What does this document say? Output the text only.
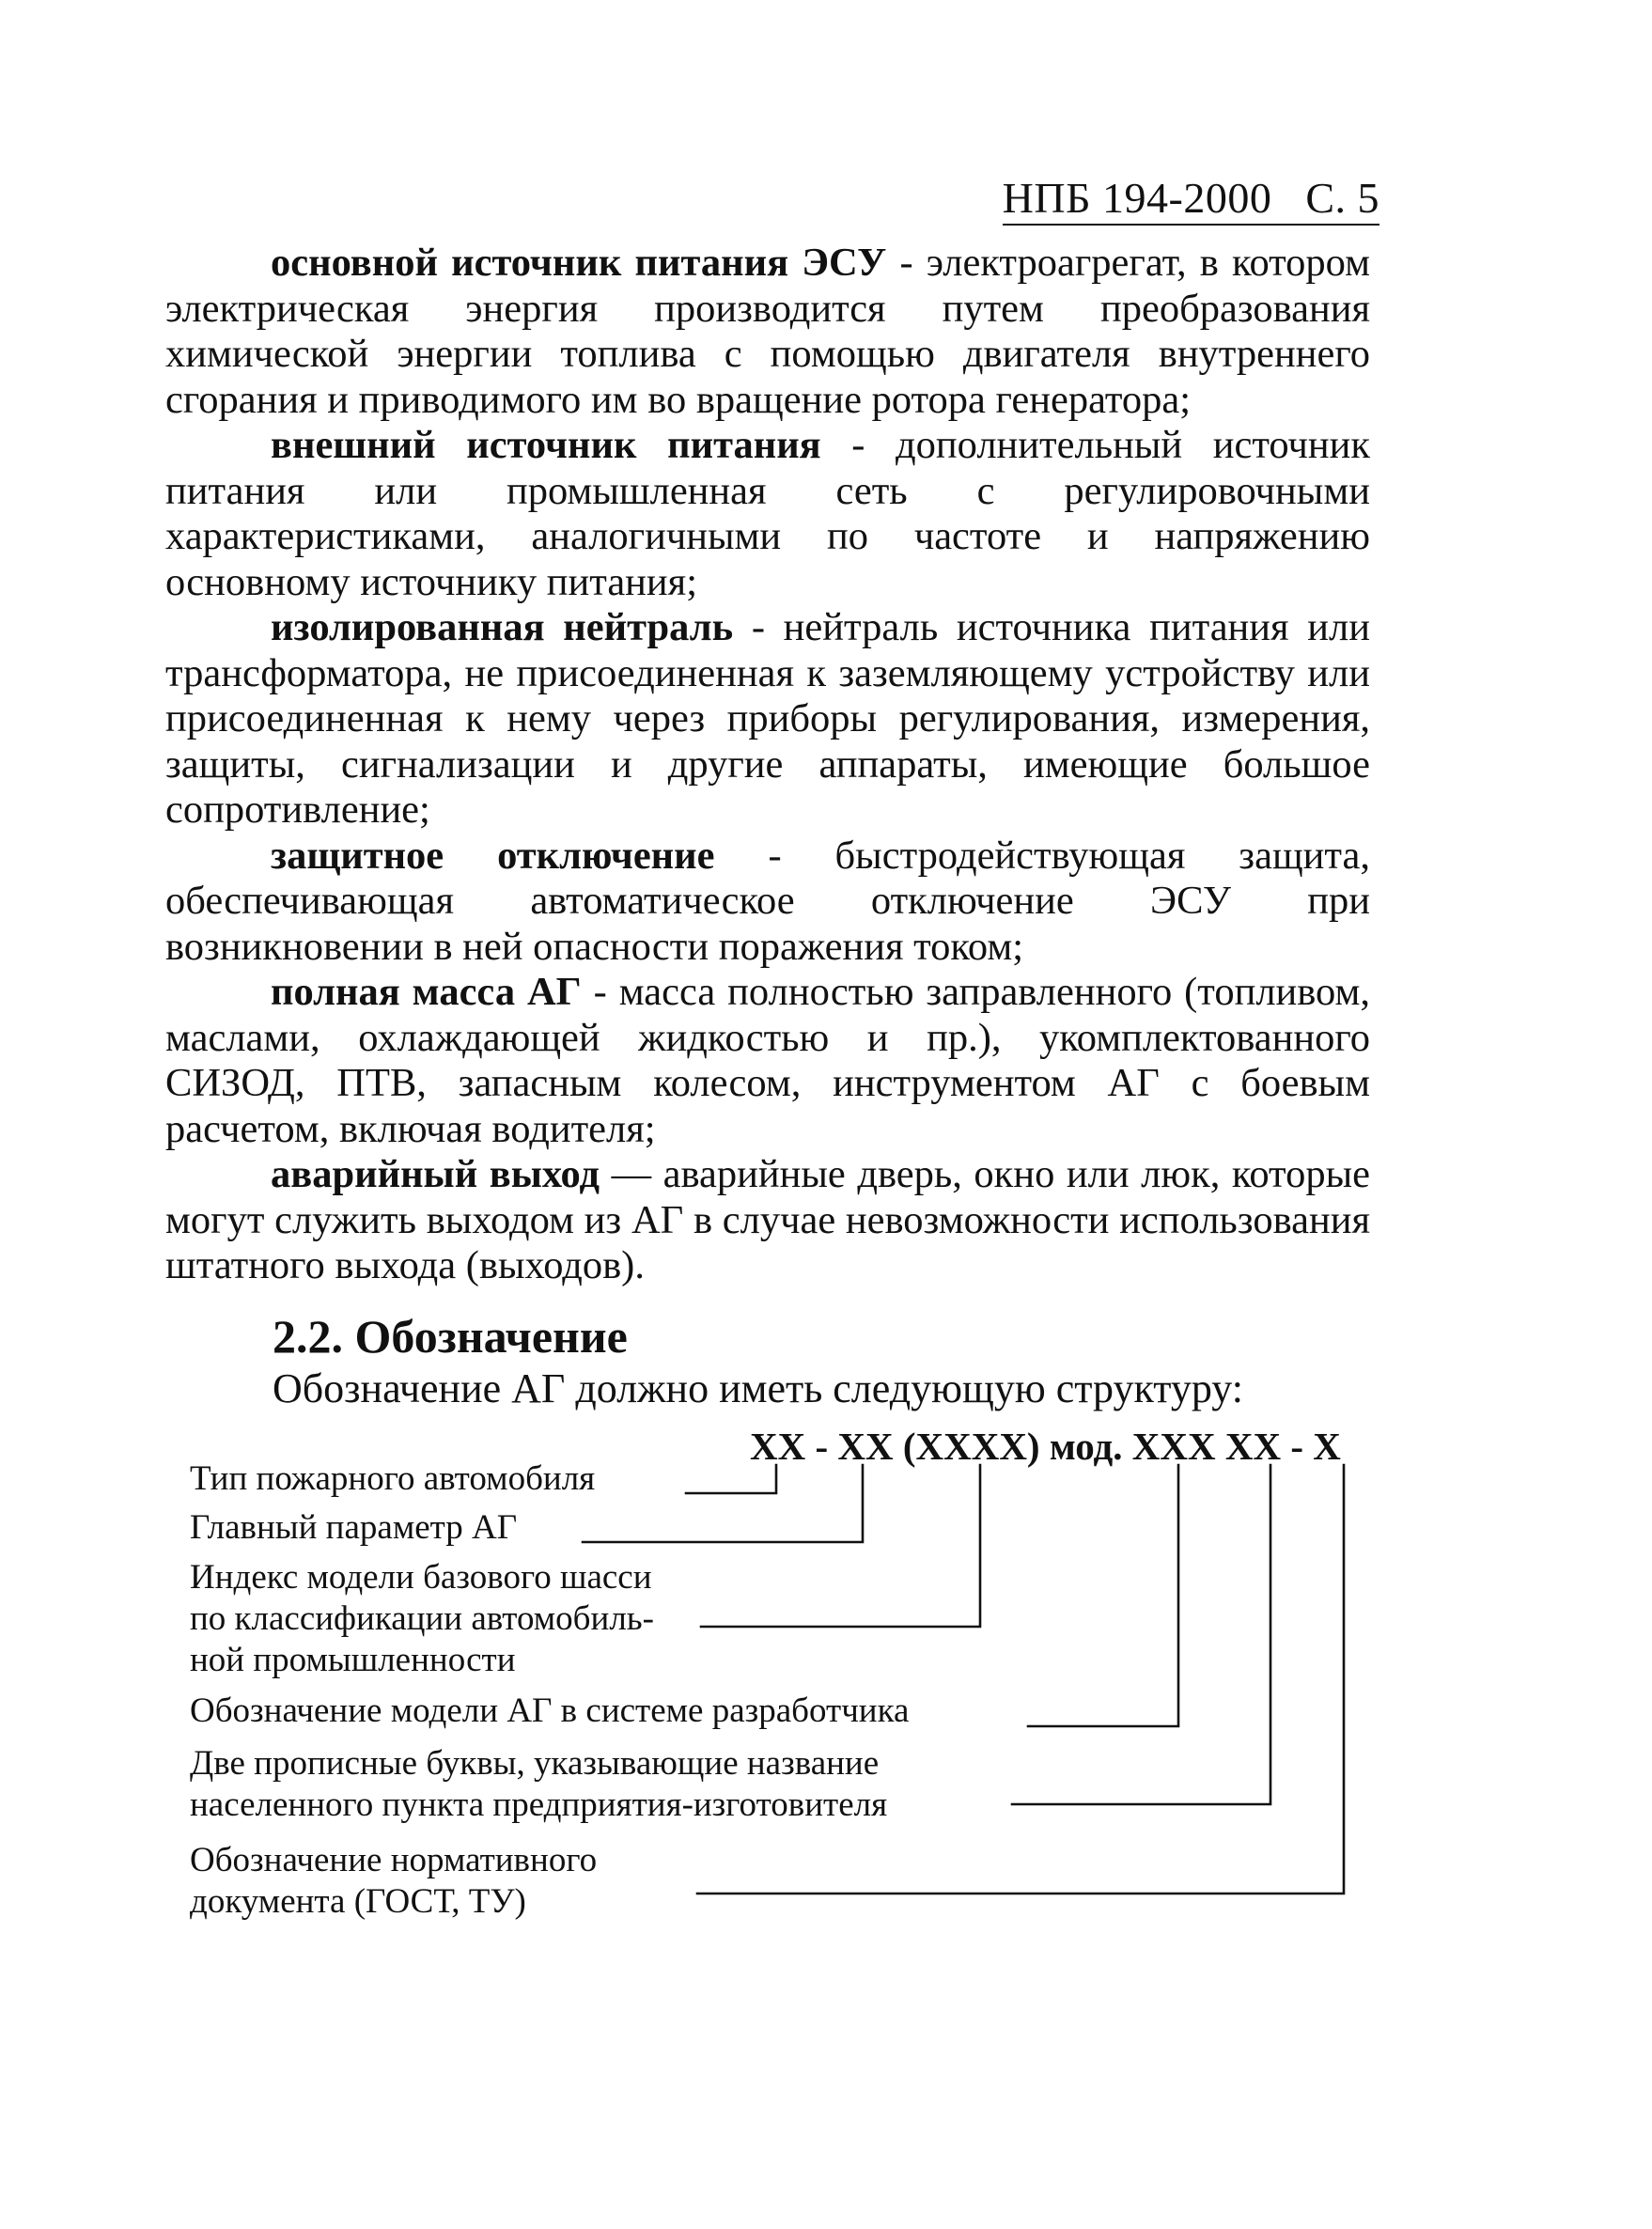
НПБ 194-2000 С. 5

основной источник питания ЭСУ - электроагрегат, в котором электрическая энергия производится путем преобразования химической энергии топлива с помощью двигателя внутреннего сгорания и приводимого им во вращение ротора генератора;

внешний источник питания - дополнительный источник питания или промышленная сеть с регулировочными характеристиками, аналогичными по частоте и напряжению основному источнику питания;

изолированная нейтраль - нейтраль источника питания или трансформатора, не присоединенная к заземляющему устройству или присоединенная к нему через приборы регулирования, измерения, защиты, сигнализации и другие аппараты, имеющие большое сопротивление;

защитное отключение - быстродействующая защита, обеспечивающая автоматическое отключение ЭСУ при возникновении в ней опасности поражения током;

полная масса АГ - масса полностью заправленного (топливом, маслами, охлаждающей жидкостью и пр.), укомплектованного СИЗОД, ПТВ, запасным колесом, инструментом АГ с боевым расчетом, включая водителя;

аварийный выход — аварийные дверь, окно или люк, которые могут служить выходом из АГ в случае невозможности использования штатного выхода (выходов).

2.2. Обозначение

Обозначение АГ должно иметь следующую структуру:

XX - XX (XXXX) мод. XXX XX - X
Тип пожарного автомобиля
Главный параметр АГ
Индекс модели базового шасси
по классификации автомобиль-
ной промышленности
Обозначение модели АГ в системе разработчика
Две прописные буквы, указывающие название
населенного пункта предприятия-изготовителя
Обозначение нормативного
документа (ГОСТ, ТУ)
